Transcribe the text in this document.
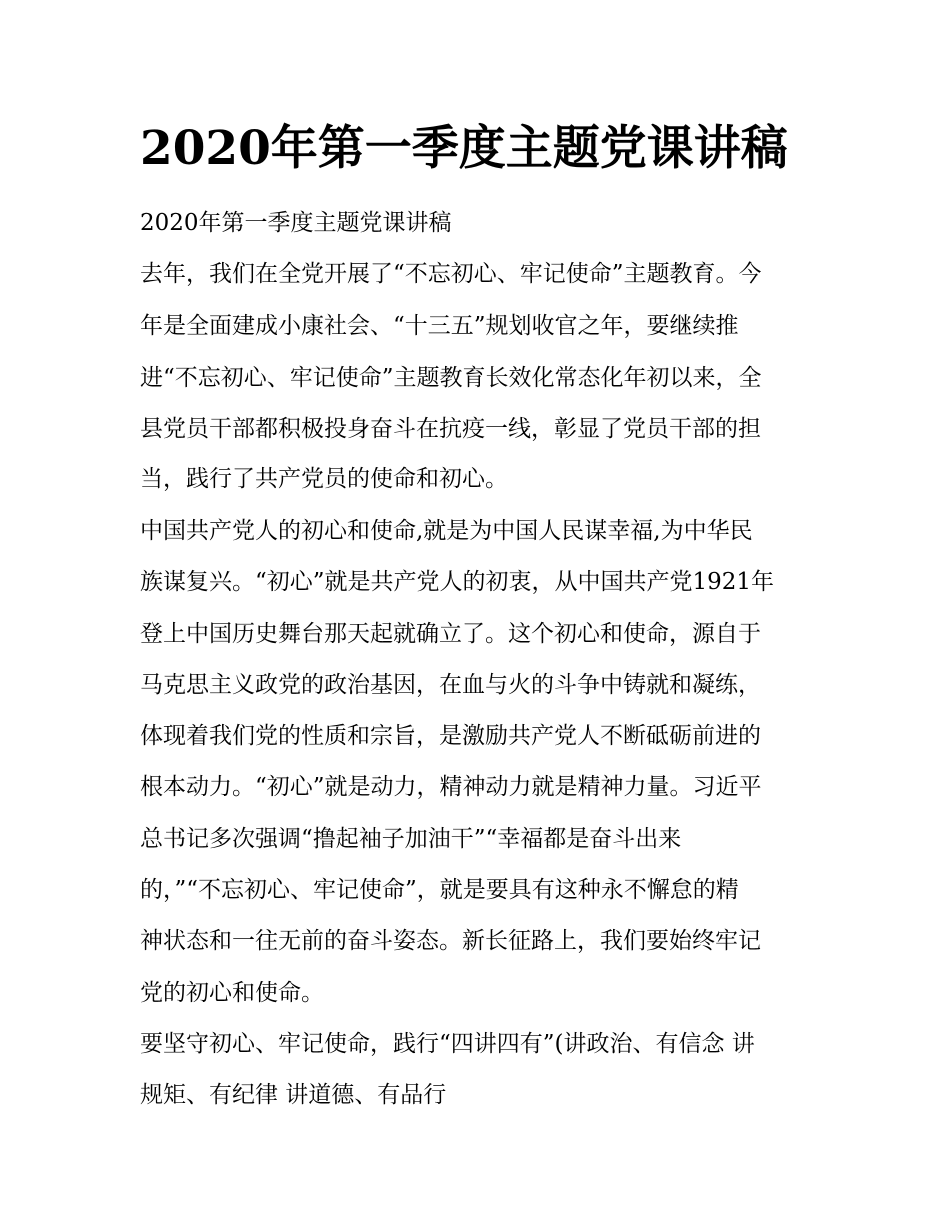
2020年第一季度主题党课讲稿

2020年第一季度主题党课讲稿

去年，我们在全党开展了“不忘初心、牢记使命”主题教育。今

年是全面建成小康社会、“十三五”规划收官之年，要继续推

进“不忘初心、牢记使命”主题教育长效化常态化年初以来，全

县党员干部都积极投身奋斗在抗疫一线，彰显了党员干部的担

当，践行了共产党员的使命和初心。

中国共产党人的初心和使命,就是为中国人民谋幸福,为中华民

族谋复兴。“初心”就是共产党人的初衷，从中国共产党1921年

登上中国历史舞台那天起就确立了。这个初心和使命，源自于

马克思主义政党的政治基因，在血与火的斗争中铸就和凝练，

体现着我们党的性质和宗旨，是激励共产党人不断砥砺前进的

根本动力。“初心”就是动力，精神动力就是精神力量。习近平

总书记多次强调“撸起袖子加油干”“幸福都是奋斗出来

的，”“不忘初心、牢记使命”，就是要具有这种永不懈怠的精

神状态和一往无前的奋斗姿态。新长征路上，我们要始终牢记

党的初心和使命。

要坚守初心、牢记使命，践行“四讲四有”(讲政治、有信念 讲

规矩、有纪律 讲道德、有品行
